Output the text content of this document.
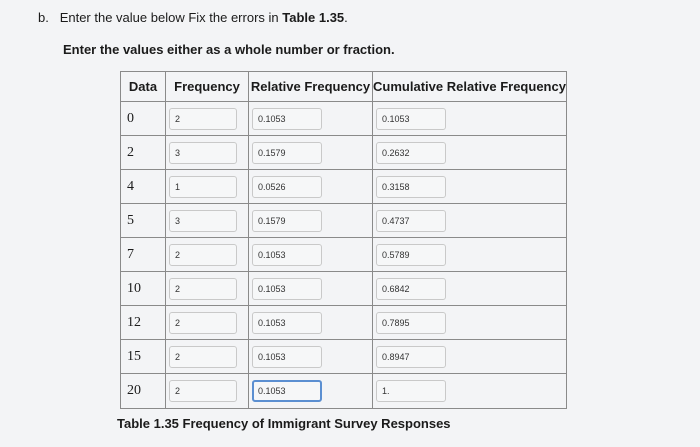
b. Enter the value below Fix the errors in Table 1.35.
Enter the values either as a whole number or fraction.
Data	Frequency	Relative Frequency	Cumulative Relative Frequency
0	2	0.1053	0.1053

2	3	0.1579	0.2632

4	1	0.0526	0.3158

5	3	0.1579	0.4737

7	2	0.1053	0.5789

10	2	0.1053	0.6842

12	2	0.1053	0.7895

15	2	0.1053	0.8947

20	2	0.1053	1.
Table 1.35 Frequency of Immigrant Survey Responses
